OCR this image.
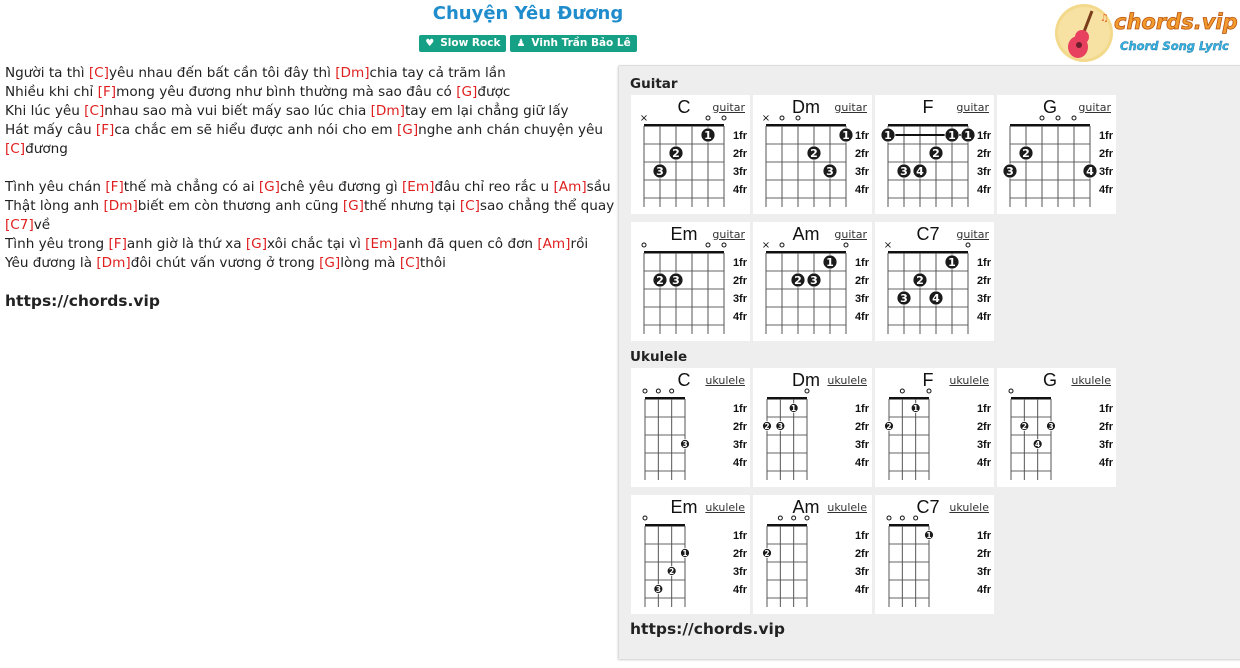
Chuyện Yêu Đương
♥ Slow Rock ♟ Vinh Trần Bảo Lê
♫ chords.vip
Chord Song Lyric
Người ta thì [C]yêu nhau đến bất cần tôi đây thì [Dm]chia tay cả trăm lần
Nhiều khi chỉ [F]mong yêu đương như bình thường mà sao đâu có [G]được
Khi lúc yêu [C]nhau sao mà vui biết mấy sao lúc chia [Dm]tay em lại chẳng giữ lấy
Hát mấy câu [F]ca chắc em sẽ hiểu được anh nói cho em [G]nghe anh chán chuyện yêu
[C]đương
Tình yêu chán [F]thế mà chẳng có ai [G]chê yêu đương gì [Em]đâu chỉ reo rắc u [Am]sầu
Thật lòng anh [Dm]biết em còn thương anh cũng [G]thế nhưng tại [C]sao chẳng thể quay
[C7]về
Tình yêu trong [F]anh giờ là thứ xa [G]xôi chắc tại vì [Em]anh đã quen cô đơn [Am]rồi
Yêu đương là [Dm]đôi chút vấn vương ở trong [G]lòng mà [C]thôi
https://chords.vip
Guitar
1fr
2fr
3fr
4fr
×
1
2
3
C	guitar
1fr
2fr
3fr
4fr
×
1
2
3
Dm	guitar
1fr
2fr
3fr
4fr
1	1 1
2
3 4
F	guitar
1fr
2fr
3fr
4fr
2
3	4
G	guitar
1fr
2fr
3fr
4fr
2 3
Em	guitar
1fr
2fr
3fr
4fr
×
1
2 3
Am	guitar
1fr
2fr
3fr
4fr
×
1
2
3 4
C7	guitar
Ukulele
1fr
2fr
3fr
4fr
3
C	ukulele
1fr
2fr
3fr
4fr
1
2 3
Dm ukulele
1fr
2fr
3fr
4fr
1
2
F	ukulele
1fr
2fr
3fr
4fr
2	3
4
G	ukulele
1fr
2fr
3fr
4fr
1
2
3
Em ukulele
1fr
2fr
3fr
4fr
2
Am ukulele
1fr
2fr
3fr
4fr
1
C7 ukulele
https://chords.vip
